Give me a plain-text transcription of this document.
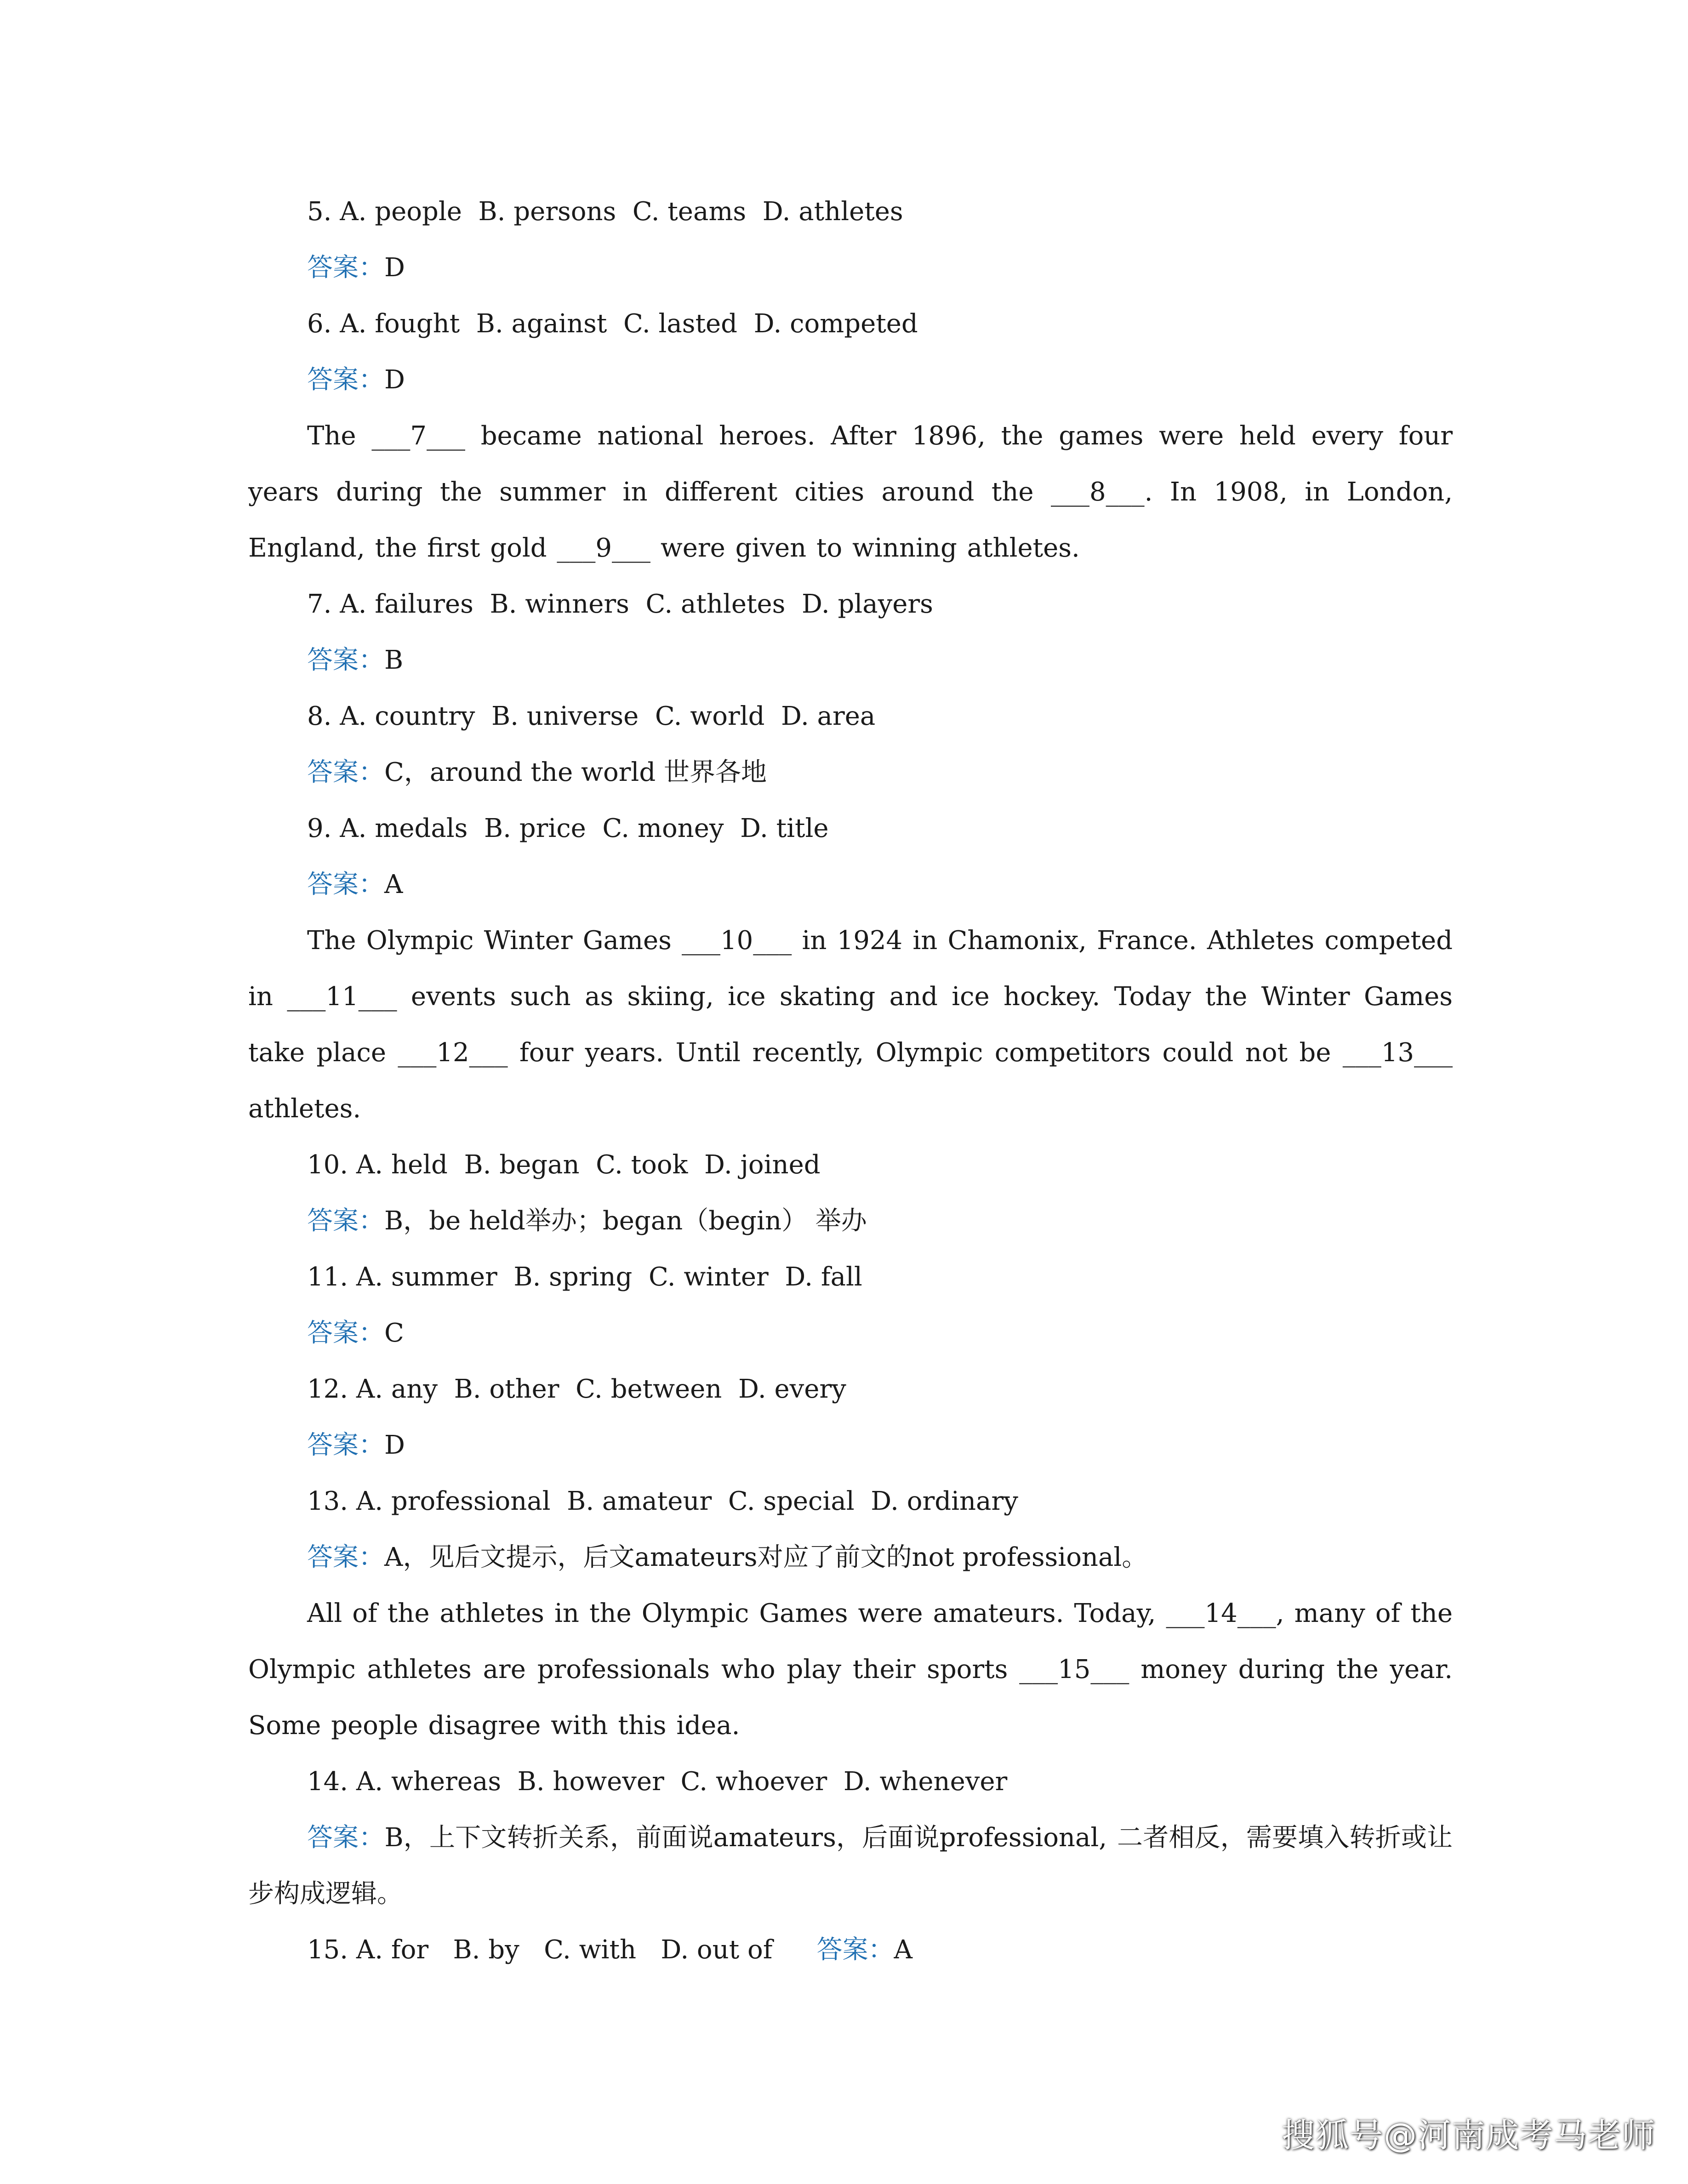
5. A. people  B. persons  C. teams  D. athletes
答案：D
6. A. fought  B. against  C. lasted  D. competed
答案：D

The ___7___ became national heroes. After 1896, the games were held every four years during the summer in different cities around the ___8___. In 1908, in London, England, the first gold ___9___ were given to winning athletes.

7. A. failures  B. winners  C. athletes  D. players
答案：B
8. A. country  B. universe  C. world  D. area
答案：C，around the world 世界各地
9. A. medals  B. price  C. money  D. title
答案：A

The Olympic Winter Games ___10___ in 1924 in Chamonix, France. Athletes competed in ___11___ events such as skiing, ice skating and ice hockey. Today the Winter Games take place ___12___ four years. Until recently, Olympic competitors could not be ___13___ athletes.

10. A. held  B. began  C. took  D. joined
答案：B，be held举办；began（begin） 举办
11. A. summer  B. spring  C. winter  D. fall
答案：C
12. A. any  B. other  C. between  D. every
答案：D
13. A. professional  B. amateur  C. special  D. ordinary
答案：A，见后文提示，后文amateurs对应了前文的not professional。

All of the athletes in the Olympic Games were amateurs. Today, ___14___, many of the Olympic athletes are professionals who play their sports ___15___ money during the year. Some people disagree with this idea.

14. A. whereas  B. however  C. whoever  D. whenever

答案：B，上下文转折关系，前面说amateurs，后面说professional, 二者相反，需要填入转折或让步构成逻辑。

15. A. for   B. by   C. with   D. out of 答案：A
搜狐号@河南成考马老师
